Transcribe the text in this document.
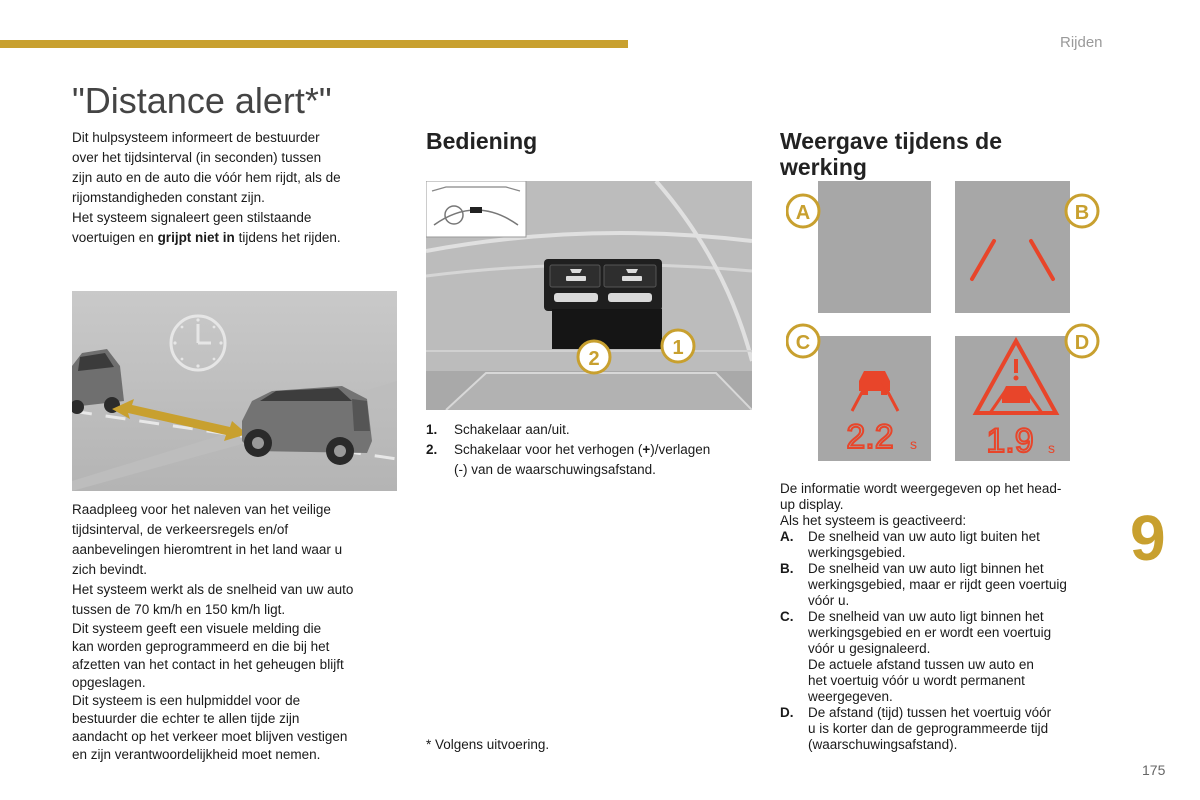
Rijden
"Distance alert*"

Dit hulpsysteem informeert de bestuurder

over het tijdsinterval (in seconden) tussen

zijn auto en de auto die vóór hem rijdt, als de

rijomstandigheden constant zijn.

Het systeem signaleert geen stilstaande

voertuigen en grijpt niet in tijdens het rijden.

Raadpleeg voor het naleven van het veilige

tijdsinterval, de verkeersregels en/of

aanbevelingen hieromtrent in het land waar u

zich bevindt.

Het systeem werkt als de snelheid van uw auto

tussen de 70 km/h en 150 km/h ligt.

Dit systeem geeft een visuele melding die

kan worden geprogrammeerd en die bij het

afzetten van het contact in het geheugen blijft

opgeslagen.

Dit systeem is een hulpmiddel voor de

bestuurder die echter te allen tijde zijn

aandacht op het verkeer moet blijven vestigen

en zijn verantwoordelijkheid moet nemen.

Bediening
2	1
1.	Schakelaar aan/uit.
2.	Schakelaar voor het verhogen (+)/verlagen
(-) van de waarschuwingsafstand.
* Volgens uitvoering.
Weergave tijdens de
werking
A	B
2.2 s
C
1.9 s
D

De informatie wordt weergegeven op het head-

up display.

Als het systeem is geactiveerd:

A.	De snelheid van uw auto ligt buiten het
werkingsgebied.
B.	De snelheid van uw auto ligt binnen het
werkingsgebied, maar er rijdt geen voertuig
vóór u.
C.	De snelheid van uw auto ligt binnen het
werkingsgebied en er wordt een voertuig
vóór u gesignaleerd.
De actuele afstand tussen uw auto en
het voertuig vóór u wordt permanent
weergegeven.
D.	De afstand (tijd) tussen het voertuig vóór
u is korter dan de geprogrammeerde tijd
(waarschuwingsafstand).
9
175
